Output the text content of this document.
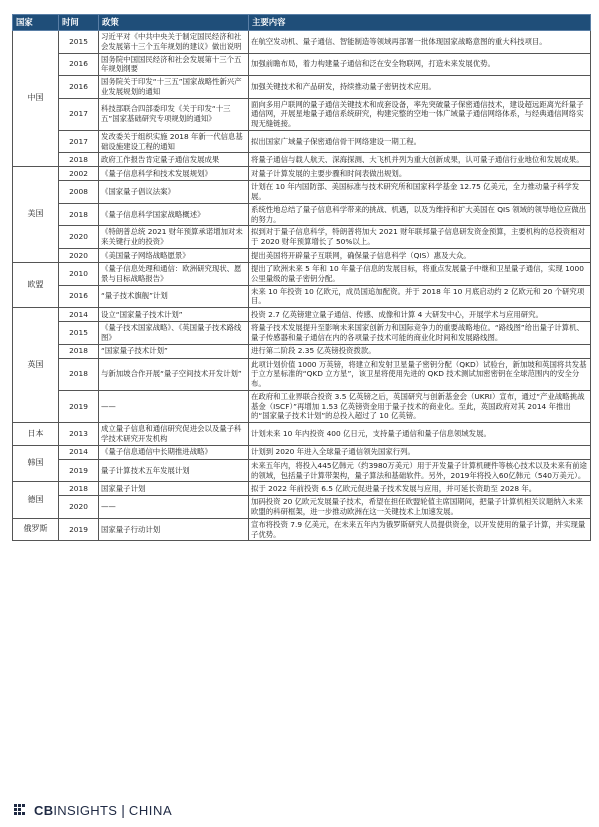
国家	时间	政策	主要内容
中国	2015	习近平对《中共中央关于制定国民经济和社会发展第十三个五年规划的建议》做出说明	在航空发动机、量子通信、智能制造等领域再部署一批体现国家战略意图的重大科技项目。
	2016	国务院中国国民经济和社会发展第十三个五年规划纲要	加强前瞻布局，着力构建量子通信和泛在安全物联网，打造未来发展优势。
	2016	国务院关于印发“十三五”国家战略性新兴产业发展规划的通知	加强关键技术和产品研发，持续推动量子密钥技术应用。
	2017	科技部联合四部委印发《关于印发“十三五”国家基础研究专项规划的通知》	面向多用户联网的量子通信关键技术和成套设备，率先突破量子保密通信技术，建设超远距离光纤量子通信网，开展星地量子通信系统研究，构建完整的空地一体广域量子通信网络体系，与经典通信网络实现无缝链接。
	2017	发改委关于组织实施 2018 年新一代信息基础设施建设工程的通知	拟出国家广域量子保密通信骨干网络建设一期工程。
	2018	政府工作报告肯定量子通信发展成果	将量子通信与载人航天、深海探测、大飞机并列为重大创新成果，认可量子通信行业地位和发展成果。
美国	2002	《量子信息科学和技术发展规划》	对量子计算发展的主要步骤和时间表做出规划。
	2008	《国家量子倡议法案》	计划在 10 年内国防部、美国标准与技术研究所和国家科学基金 12.75 亿美元，全力推动量子科学发展。
	2018	《量子信息科学国家战略概述》	系统性地总结了量子信息科学带来的挑战、机遇，以及为维持和扩大美国在 QIS 领域的领导地位应做出的努力。
	2020	《特朗普总统 2021 财年预算承诺增加对未来关键行业的投资》	拟到对于量子信息科学，特朗普将加大 2021 财年联邦量子信息研发资金预算，主要机构的总投资相对于 2020 财年预算增长了 50%以上。
	2020	《美国量子网络战略愿景》	提出美国将开辟量子互联网，确保量子信息科学（QIS）惠及大众。
欧盟	2010	《量子信息处理和通信：欧洲研究现状、愿景与目标战略报告》	提出了欧洲未来 5 年和 10 年量子信息的发展目标，将重点发展量子中继和卫星量子通信，实现 1000 公里量级的量子密钥分配。
	2016	“量子技术旗舰”计划	未来 10 年投资 10 亿欧元，成员国追加配资。并于 2018 年 10 月底启动约 2 亿欧元和 20 个研究项目。
英国	2014	设立“国家量子技术计划”	投资 2.7 亿英镑建立量子通信、传感、成像和计算 4 大研发中心，开展学术与应用研究。
	2015	《量子技术国家战略》、《英国量子技术路线图》	将量子技术发展提升至影响未来国家创新力和国际竞争力的重要战略地位。“路线图”给出量子计算机、量子传感器和量子通信在内的各项量子技术可能的商业化时间和发展路线图。
	2018	“国家量子技术计划”	进行第二阶段 2.35 亿英镑投资拨款。
	2018	与新加坡合作开展“量子空间技术开发计划”	此项计划价值 1000 万英镑，将建立和发射卫星量子密钥分配（QKD）试验台，新加坡和英国将共发基于立方星标准的“QKD 立方星”，该卫星将使用先进的 QKD 技术测试加密密钥在全球范围内的安全分布。
	2019	——	在政府和工业界联合投资 3.5 亿英镑之后，英国研究与创新基金会（UKRI）宣布，通过“产业战略挑战基金（ISCF）”再增加 1.53 亿英镑资金用于量子技术的商业化。至此，英国政府对其 2014 年推出的“国家量子技术计划”的总投入超过了 10 亿英镑。
日本	2013	成立量子信息和通信研究促进会以及量子科学技术研究开发机构	计划未来 10 年内投资 400 亿日元，支持量子通信和量子信息领域发展。
韩国	2014	《量子信息通信中长期推进战略》	计划到 2020 年进入全球量子通信领先国家行列。
	2019	量子计算技术五年发展计划	未来五年内，将投入445亿韩元（约3980万美元）用于开发量子计算机硬件等核心技术以及未来有前途的领域，包括量子计算带架构，量子算法和基础软件。另外，2019年将投入60亿韩元（540万美元）。
德国	2018	国家量子计划	拟于 2022 年前投资 6.5 亿欧元促进量子技术发展与应用，并可延长资助至 2028 年。
	2020	——	加码投资 20 亿欧元发展量子技术，希望在担任欧盟轮值主席国期间，把量子计算机相关议题纳入未来欧盟的科研框架，进一步推动欧洲在这一关键技术上加速发展。
俄罗斯	2019	国家量子行动计划	宣布将投资 7.9 亿美元，在未来五年内为俄罗斯研究人员提供资金，以开发使用的量子计算，并实现量子优势。
CB INSIGHTS | CHINA
